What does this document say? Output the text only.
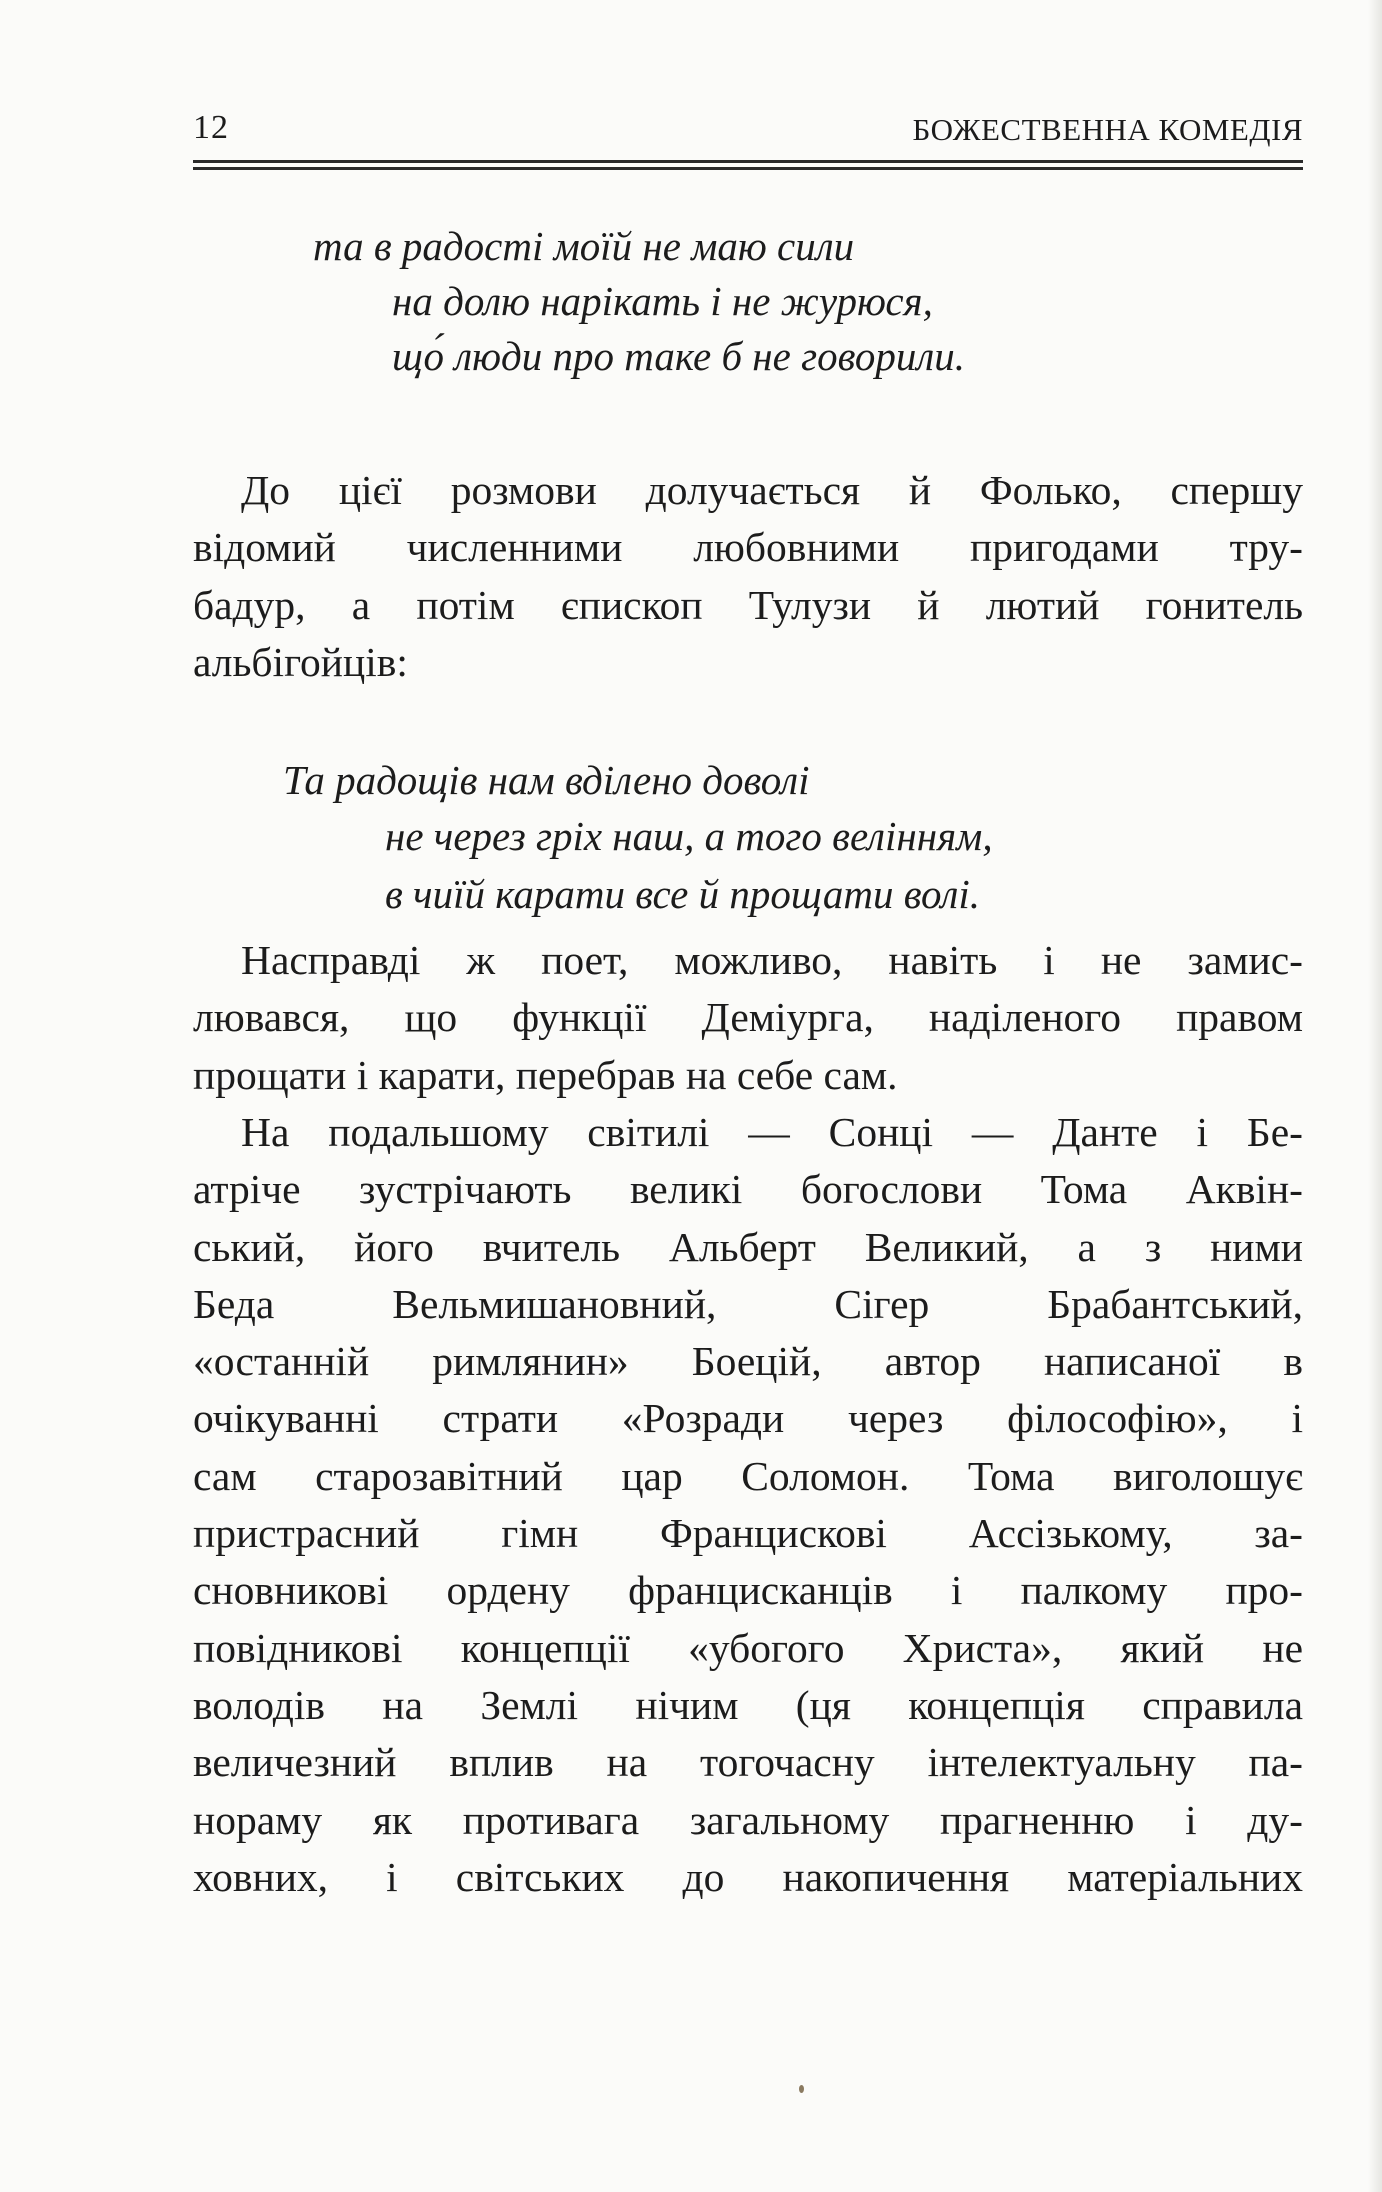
12	БОЖЕСТВЕННА КОМЕДІЯ
та в радості моїй не маю сили
на долю нарікать і не журюся,
що́ люди про таке б не говорили.
До цієї розмови долучається й Фолько, спершу
відомий численними любовними пригодами тру-
бадур, а потім єпископ Тулузи й лютий гонитель
альбігойців:
Та радощів нам вділено доволі
не через гріх наш, а того велінням,
в чиїй карати все й прощати волі.
Насправді ж поет, можливо, навіть і не замис-
лювався, що функції Деміурга, наділеного правом
прощати і карати, перебрав на себе сам.
На подальшому світилі — Сонці — Данте і Бе-
атріче зустрічають великі богослови Тома Аквін-
ський, його вчитель Альберт Великий, а з ними
Беда Вельмишановний, Сігер Брабантський,
«останній римлянин» Боецій, автор написаної в
очікуванні страти «Розради через філософію», і
сам старозавітний цар Соломон. Тома виголошує
пристрасний гімн Францискові Ассізькому, за-
сновникові ордену францисканців і палкому про-
повідникові концепції «убогого Христа», який не
володів на Землі нічим (ця концепція справила
величезний вплив на тогочасну інтелектуальну па-
нораму як противага загальному прагненню і ду-
ховних, і світських до накопичення матеріальних
